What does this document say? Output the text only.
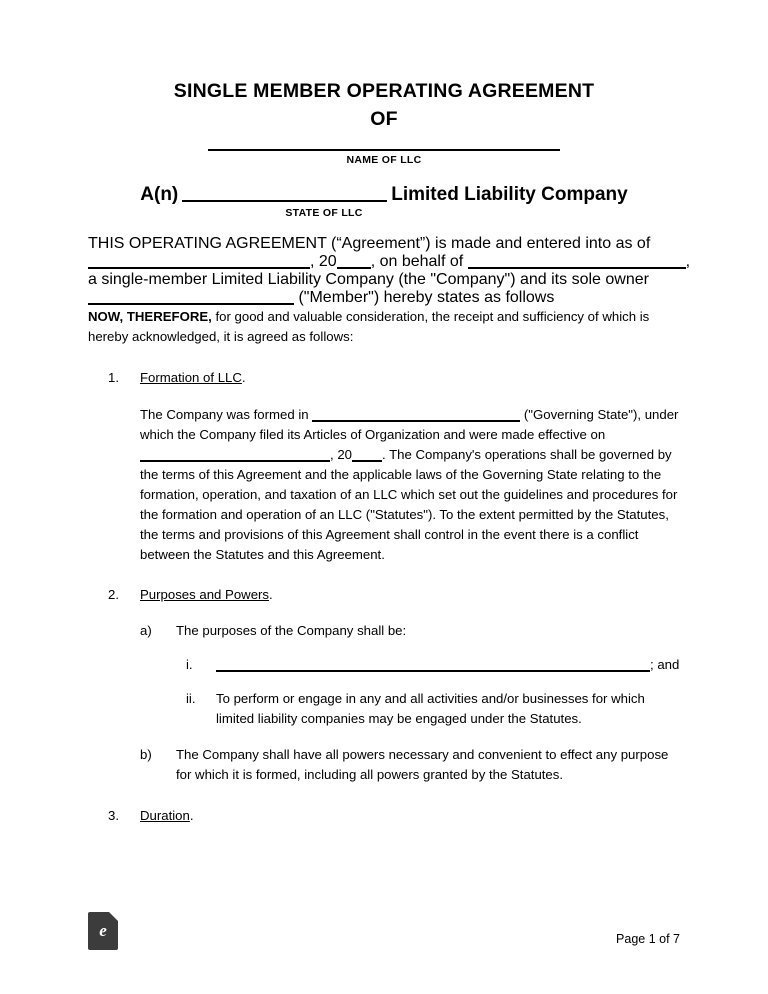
SINGLE MEMBER OPERATING AGREEMENT
OF
NAME OF LLC
A(n)	Limited Liability Company
STATE OF LLC
THIS OPERATING AGREEMENT (“Agreement”) is made and entered into as of
, 20 , on behalf of	,
a single-member Limited Liability Company (the "Company") and its sole owner
("Member") hereby states as follows

NOW, THEREFORE, for good and valuable consideration, the receipt and sufficiency of which is hereby acknowledged, it is agreed as follows:

1. Formation of LLC.
The Company was formed in	("Governing State"), under which the Company filed its Articles of Organization and were made effective on , 20 . The Company's operations shall be governed by the terms of this Agreement and the applicable laws of the Governing State relating to the formation, operation, and taxation of an LLC which set out the guidelines and procedures for the formation and operation of an LLC ("Statutes"). To the extent permitted by the Statutes, the terms and provisions of this Agreement shall control in the event there is a conflict between the Statutes and this Agreement.
2. Purposes and Powers.
a) The purposes of the Company shall be:
i.	; and
ii. To perform or engage in any and all activities and/or businesses for which limited liability companies may be engaged under the Statutes.
b) The Company shall have all powers necessary and convenient to effect any purpose for which it is formed, including all powers granted by the Statutes.
3. Duration.
e	Page 1 of 7
